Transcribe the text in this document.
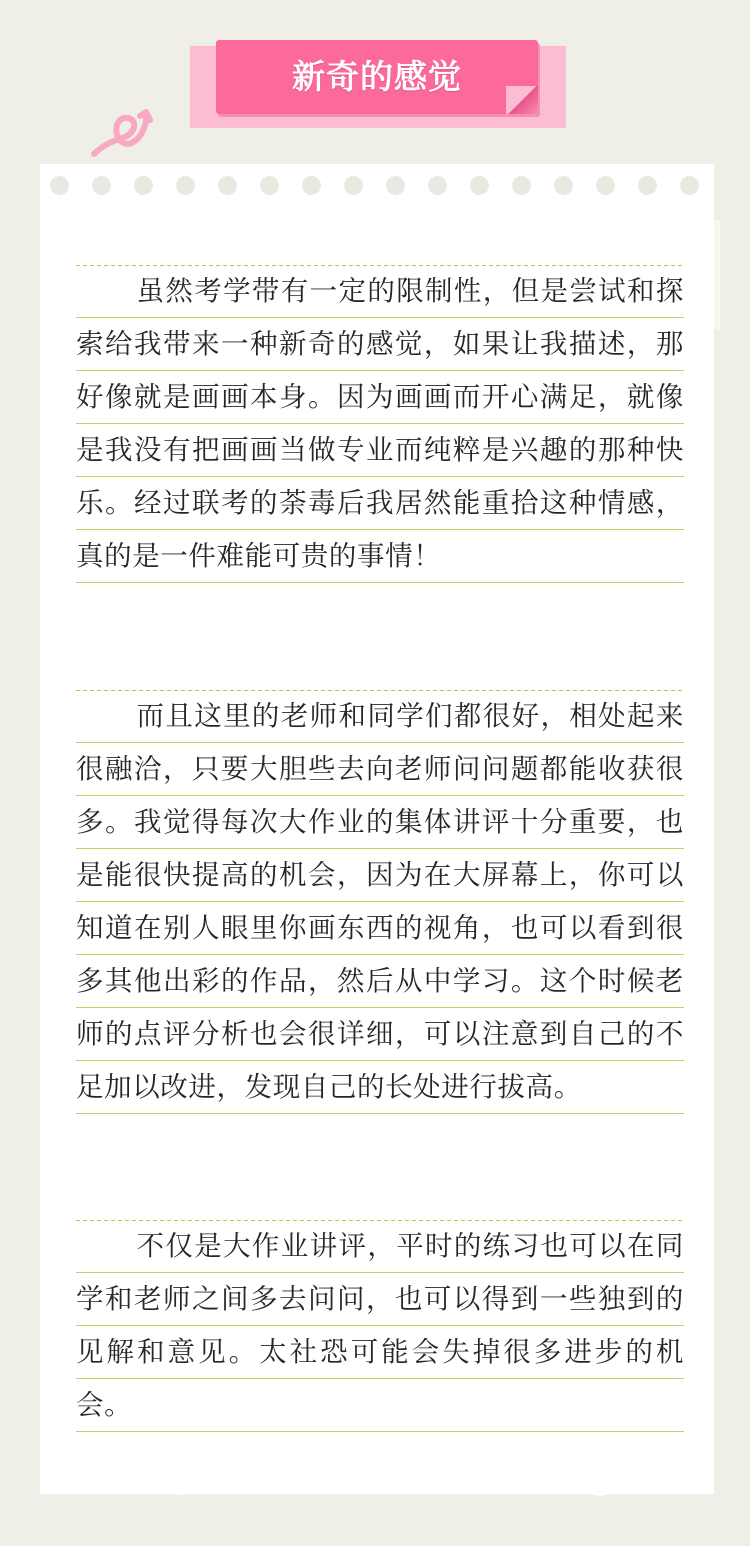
新奇的感觉
虽然考学带有一定的限制性，但是尝试和探索给我带来一种新奇的感觉，如果让我描述，那好像就是画画本身。因为画画而开心满足，就像是我没有把画画当做专业而纯粹是兴趣的那种快乐。经过联考的荼毒后我居然能重拾这种情感，真的是一件难能可贵的事情！
而且这里的老师和同学们都很好，相处起来很融洽，只要大胆些去向老师问问题都能收获很多。我觉得每次大作业的集体讲评十分重要，也是能很快提高的机会，因为在大屏幕上，你可以知道在别人眼里你画东西的视角，也可以看到很多其他出彩的作品，然后从中学习。这个时候老师的点评分析也会很详细，可以注意到自己的不足加以改进，发现自己的长处进行拔高。
不仅是大作业讲评，平时的练习也可以在同学和老师之间多去问问，也可以得到一些独到的见解和意见。太社恐可能会失掉很多进步的机会。
